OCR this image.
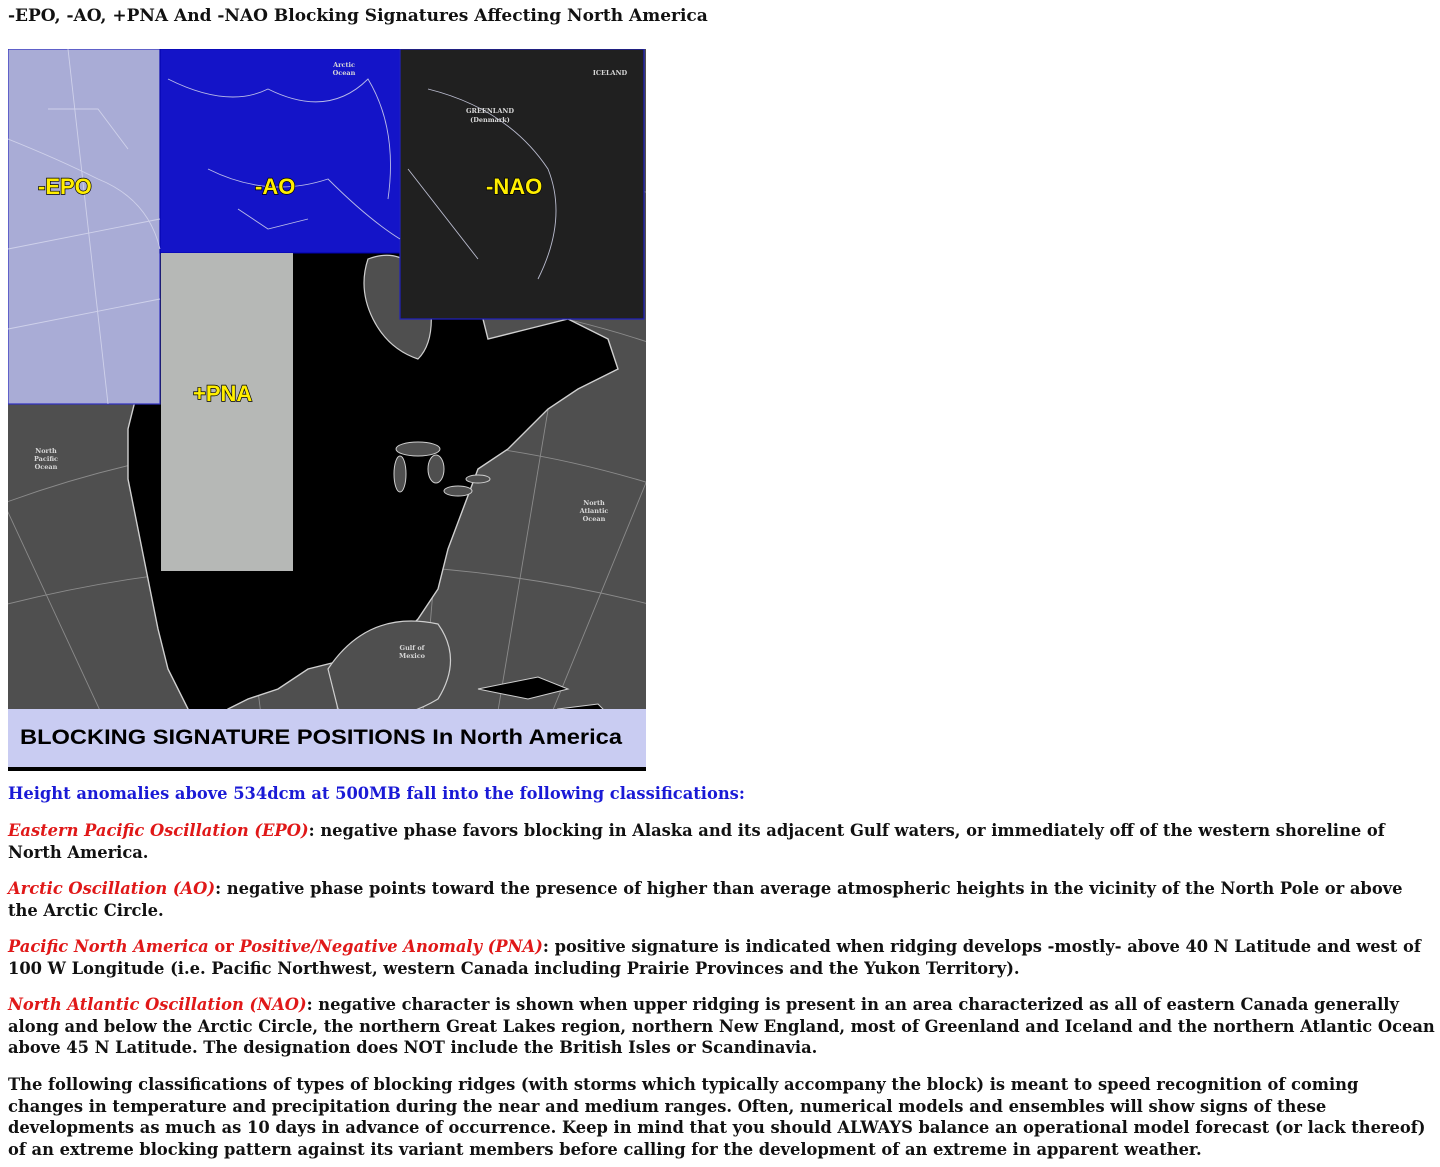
-EPO, -AO, +PNA And -NAO Blocking Signatures Affecting North America
-EPO	-AO	-NAO
+PNA
GREENLAND
(Denmark)
ICELAND
Arctic
Ocean
North
Pacific
Ocean
North
Atlantic
Ocean
Gulf of
Mexico
BLOCKING SIGNATURE POSITIONS In North America
Height anomalies above 534dcm at 500MB fall into the following classifications:
Eastern Pacific Oscillation (EPO): negative phase favors blocking in Alaska and its adjacent Gulf waters, or immediately off of the western shoreline of North America.
Arctic Oscillation (AO): negative phase points toward the presence of higher than average atmospheric heights in the vicinity of the North Pole or above the Arctic Circle.
Pacific North America or Positive/Negative Anomaly (PNA): positive signature is indicated when ridging develops -mostly- above 40 N Latitude and west of 100 W Longitude (i.e. Pacific Northwest, western Canada including Prairie Provinces and the Yukon Territory).
North Atlantic Oscillation (NAO): negative character is shown when upper ridging is present in an area characterized as all of eastern Canada generally along and below the Arctic Circle, the northern Great Lakes region, northern New England, most of Greenland and Iceland and the northern Atlantic Ocean above 45 N Latitude. The designation does NOT include the British Isles or Scandinavia.
The following classifications of types of blocking ridges (with storms which typically accompany the block) is meant to speed recognition of coming changes in temperature and precipitation during the near and medium ranges. Often, numerical models and ensembles will show signs of these developments as much as 10 days in advance of occurrence. Keep in mind that you should ALWAYS balance an operational model forecast (or lack thereof) of an extreme blocking pattern against its variant members before calling for the development of an extreme in apparent weather.
